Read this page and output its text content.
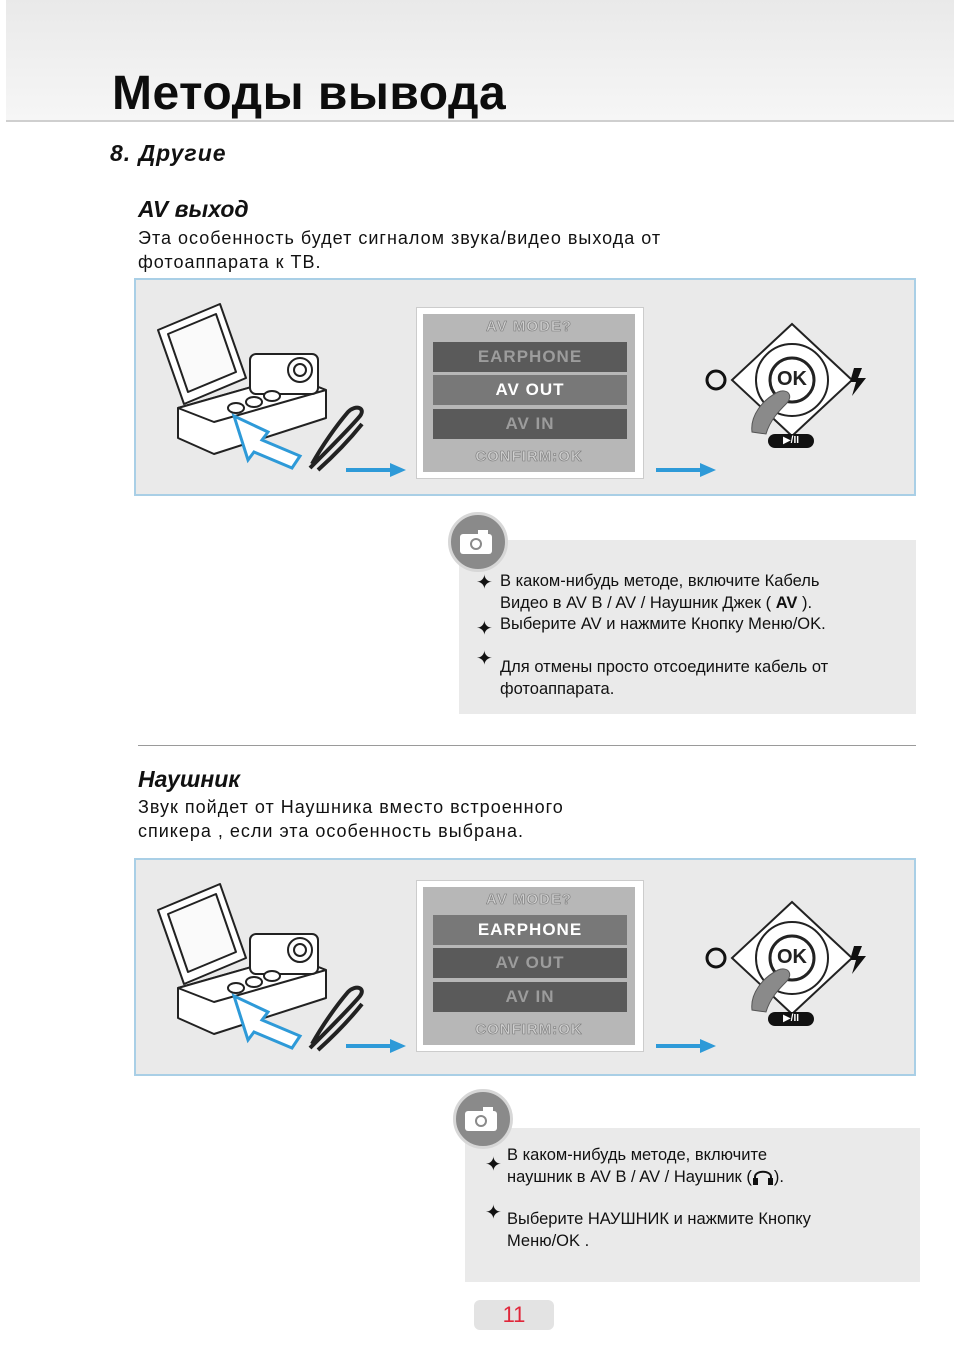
Методы вывода
8. Другие
AV выход
Эта особенность будет сигналом звука/видео выхода от
фотоаппарата к ТВ.
AV MODE?
EARPHONE
AV OUT
AV IN
CONFIRM:OK
OK
▶/II
✦ В каком-нибудь методе, включите Кабель
Видео в AV B / AV / Наушник Джек ( AV ).
✦ Выберите AV и нажмите Кнопку Меню/OK.
✦ Для отмены просто отсоедините кабель от
фотоаппарата.
Наушник
Звук пойдет от Наушника вместо встроенного
спикера , если эта особенность выбрана.
AV MODE?
EARPHONE
AV OUT
AV IN
CONFIRM:OK
OK
▶/II
✦ В каком-нибудь методе, включите
наушник в AV B / AV / Наушник ( ).
✦ Выберите НАУШНИК и нажмите Кнопку
Меню/OK .
11
